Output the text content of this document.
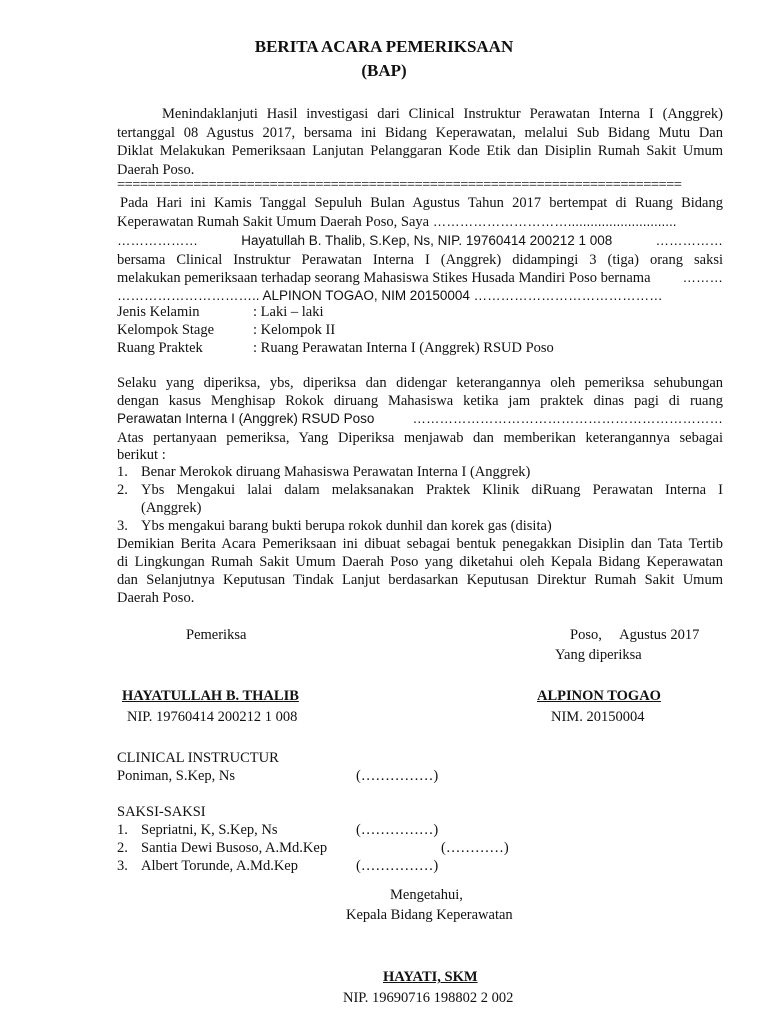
BERITA ACARA PEMERIKSAAN
(BAP)
Menindaklanjuti Hasil investigasi dari Clinical Instruktur Perawatan Interna I (Anggrek)
tertanggal 08 Agustus 2017, bersama ini Bidang Keperawatan, melalui Sub Bidang Mutu Dan
Diklat Melakukan Pemeriksaan Lanjutan Pelanggaran Kode Etik dan Disiplin Rumah Sakit Umum
Daerah Poso.
==========================================================================
Pada Hari ini Kamis Tanggal Sepuluh Bulan Agustus Tahun 2017 bertempat di Ruang Bidang
Keperawatan Rumah Sakit Umum Daerah Poso, Saya ………………………….............................
………………	Hayatullah B. Thalib, S.Kep, Ns, NIP. 19760414 200212 1 008	……………
bersama Clinical Instruktur Perawatan Interna I (Anggrek) didampingi 3 (tiga) orang saksi
melakukan pemeriksaan terhadap seorang Mahasiswa Stikes Husada Mandiri Poso bernama ………
………………………….. ALPINON TOGAO, NIM 20150004 ……………………………………
Jenis Kelamin	: Laki – laki
Kelompok Stage	: Kelompok II
Ruang Praktek	: Ruang Perawatan Interna I (Anggrek) RSUD Poso
Selaku yang diperiksa, ybs, diperiksa dan didengar keterangannya oleh pemeriksa sehubungan
dengan kasus Menghisap Rokok diruang Mahasiswa ketika jam praktek dinas pagi di ruang
Perawatan Interna I (Anggrek) RSUD Poso	……………………………………………………………
Atas pertanyaan pemeriksa, Yang Diperiksa menjawab dan memberikan keterangannya sebagai
berikut :
1. Benar Merokok diruang Mahasiswa Perawatan Interna I (Anggrek)
2. Ybs Mengakui lalai dalam melaksanakan Praktek Klinik diRuang Perawatan Interna I
(Anggrek)
3. Ybs mengakui barang bukti berupa rokok dunhil dan korek gas (disita)
Demikian Berita Acara Pemeriksaan ini dibuat sebagai bentuk penegakkan Disiplin dan Tata Tertib
di Lingkungan Rumah Sakit Umum Daerah Poso yang diketahui oleh Kepala Bidang Keperawatan
dan Selanjutnya Keputusan Tindak Lanjut berdasarkan Keputusan Direktur Rumah Sakit Umum
Daerah Poso.
Pemeriksa	Poso,     Agustus 2017
Yang diperiksa
HAYATULLAH B. THALIB
NIP. 19760414 200212 1 008
ALPINON TOGAO
NIM. 20150004
CLINICAL INSTRUCTUR
Poniman, S.Kep, Ns	(……………)
SAKSI-SAKSI
1. Sepriatni, K, S.Kep, Ns	(……………)
2. Santia Dewi Busoso, A.Md.Kep	(…………)
3. Albert Torunde, A.Md.Kep	(……………)
Mengetahui,
Kepala Bidang Keperawatan
HAYATI, SKM
NIP. 19690716 198802 2 002
